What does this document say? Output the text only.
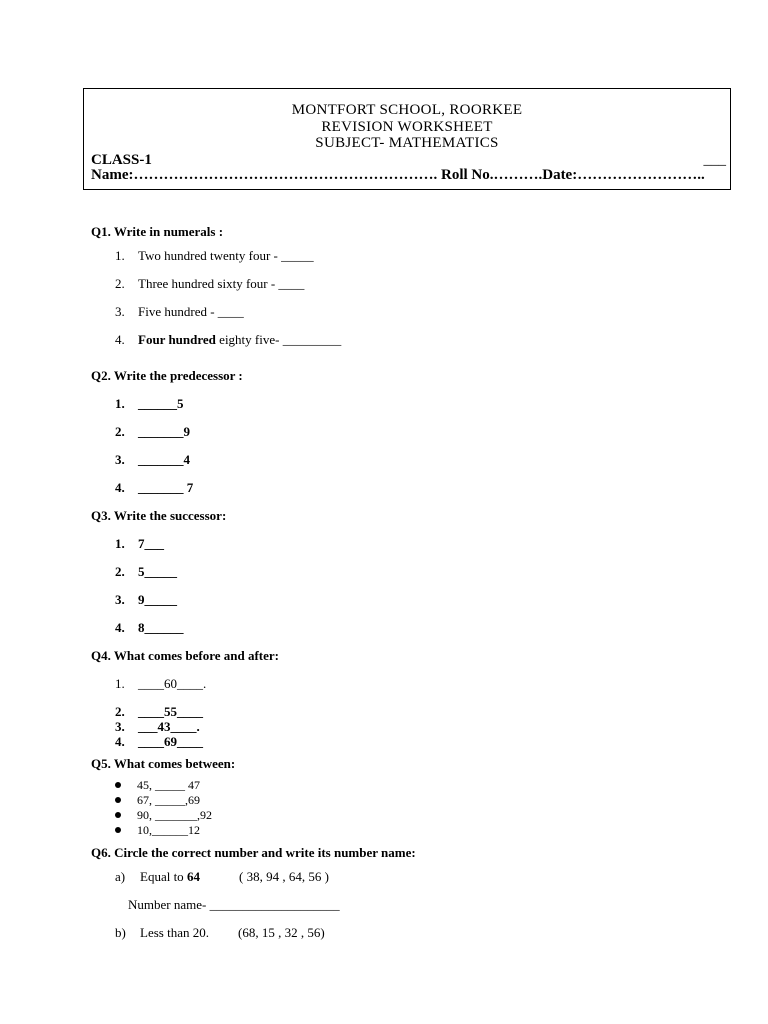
MONTFORT SCHOOL, ROORKEE
REVISION WORKSHEET
SUBJECT- MATHEMATICS
CLASS-1	___
Name:……………………………………………………. Roll No.……….Date:……………………..
Q1. Write in numerals :
1. Two hundred twenty four - _____
2. Three hundred sixty four - ____
3. Five hundred - ____
4. Four hundred eighty five- _________
Q2. Write the predecessor :
1. ______5
2. _______9
3. _______4
4. _______ 7
Q3. Write the successor:
1. 7___
2. 5_____
3. 9_____
4. 8______
Q4. What comes before and after:
1. ____60____.
2. ____55____
3. ___43____.
4. ____69____
Q5. What comes between:
45, _____ 47
67, _____,69
90, _______,92
10,______12
Q6. Circle the correct number and write its number name:
a) Equal to 64	( 38, 94 , 64, 56 )
Number name- ____________________
b) Less than 20. (68, 15 , 32 , 56)
